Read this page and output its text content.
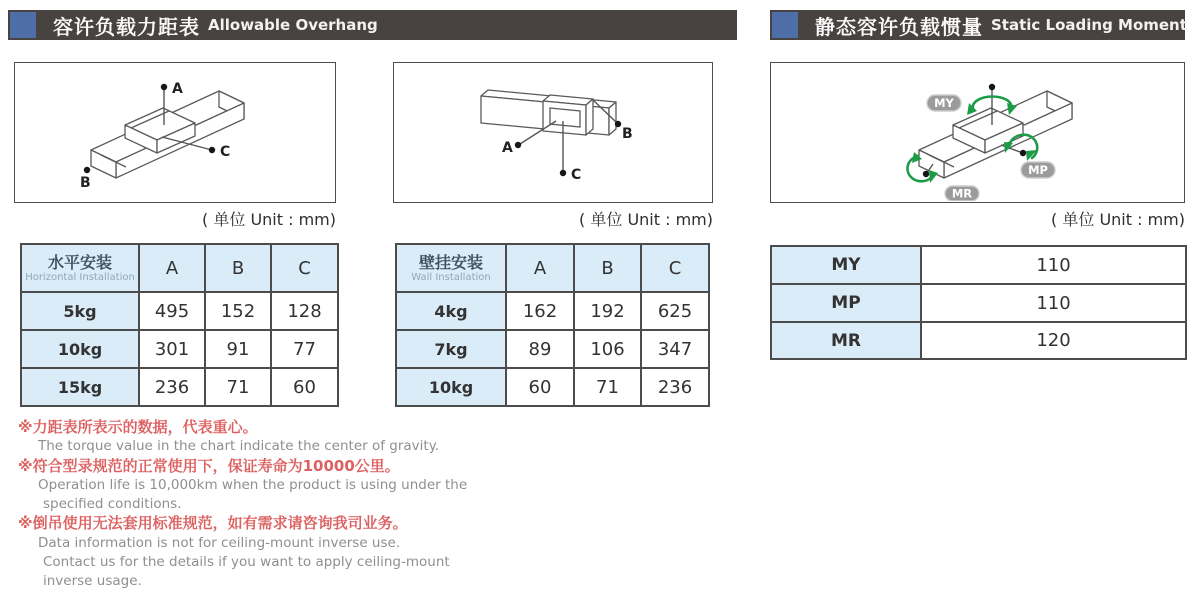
容许负载力距表 Allowable Overhang	静态容许负载惯量 Static Loading Moment
A
C
B
( 单位 Unit : mm)
B
A
C
( 单位 Unit : mm)
MY
MP
MR
( 单位 Unit : mm)
水平安装
Horizontal Installation	A	B	C
5kg	495	152	128
10kg	301	91	77
15kg	236	71	60
壁挂安装
Wall Installation	A	B	C
4kg	162	192	625
7kg	89	106	347
10kg	60	71	236
MY	110
MP	110
MR	120
※力距表所表示的数据，代表重心。
The torque value in the chart indicate the center of gravity.
※符合型录规范的正常使用下，保证寿命为10000公里。
Operation life is 10,000km when the product is using under the
specified conditions.
※倒吊使用无法套用标准规范，如有需求请咨询我司业务。
Data information is not for ceiling-mount inverse use.
Contact us for the details if you want to apply ceiling-mount
inverse usage.
